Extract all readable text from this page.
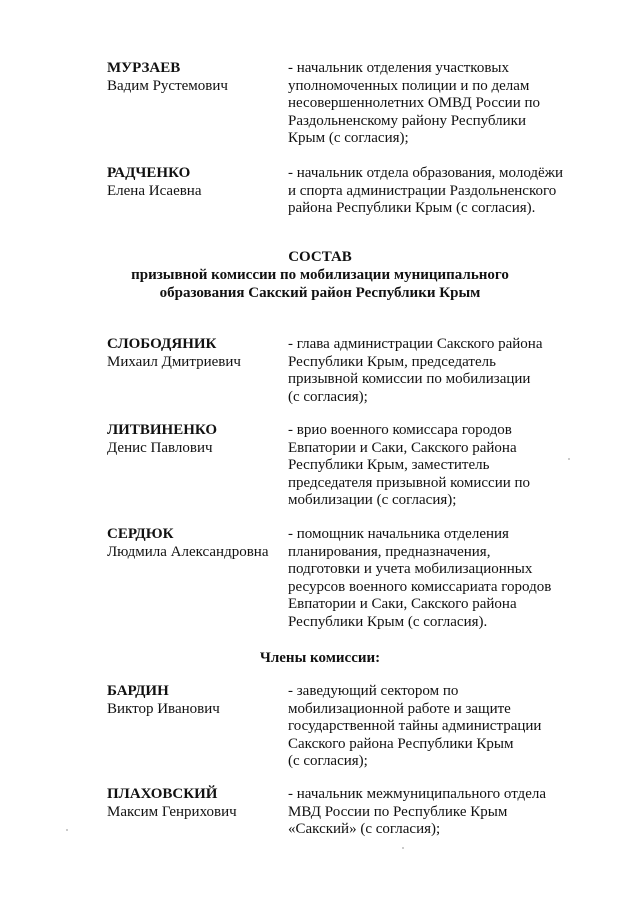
МУРЗАЕВ
Вадим Рустемович
- начальник отделения участковых
уполномоченных полиции и по делам
несовершеннолетних ОМВД России по
Раздольненскому району Республики
Крым (с согласия);
РАДЧЕНКО
Елена Исаевна
- начальник отдела образования, молодёжи
и спорта администрации Раздольненского
района Республики Крым (с согласия).
СОСТАВ
призывной комиссии по мобилизации муниципального
образования Сакский район Республики Крым
СЛОБОДЯНИК
Михаил Дмитриевич
- глава администрации Сакского района
Республики Крым, председатель
призывной комиссии по мобилизации
(с согласия);
ЛИТВИНЕНКО
Денис Павлович
- врио военного комиссара городов
Евпатории и Саки, Сакского района
Республики Крым, заместитель
председателя призывной комиссии по
мобилизации (с согласия);
СЕРДЮК
Людмила Александровна
- помощник начальника отделения
планирования, предназначения,
подготовки и учета мобилизационных
ресурсов военного комиссариата городов
Евпатории и Саки, Сакского района
Республики Крым (с согласия).
Члены комиссии:
БАРДИН
Виктор Иванович
- заведующий сектором по
мобилизационной работе и защите
государственной тайны администрации
Сакского района Республики Крым
(с согласия);
ПЛАХОВСКИЙ
Максим Генрихович
- начальник межмуниципального отдела
МВД России по Республике Крым
«Сакский» (с согласия);
